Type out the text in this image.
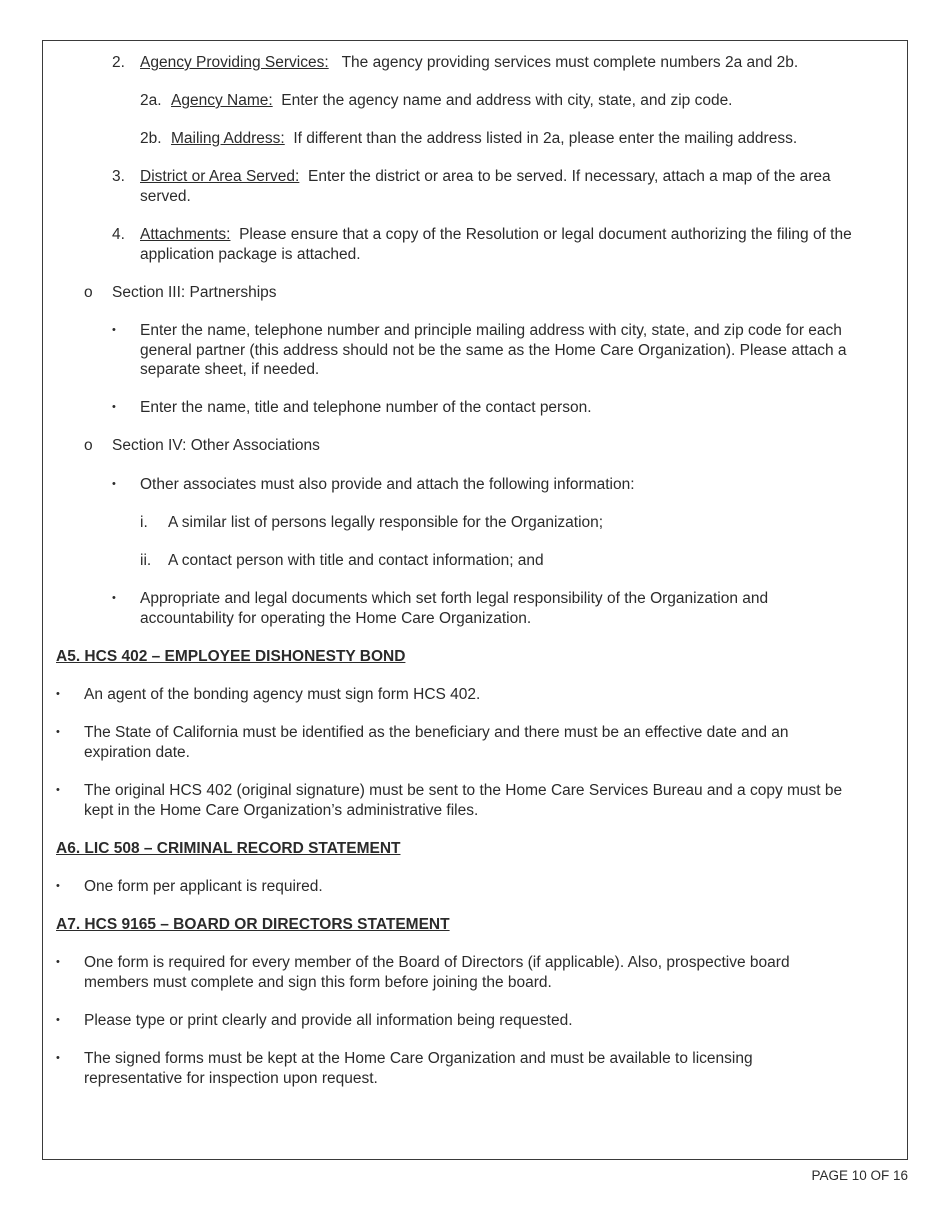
2. Agency Providing Services: The agency providing services must complete numbers 2a and 2b.
2a. Agency Name: Enter the agency name and address with city, state, and zip code.
2b. Mailing Address: If different than the address listed in 2a, please enter the mailing address.
3. District or Area Served: Enter the district or area to be served. If necessary, attach a map of the area
served.
4. Attachments: Please ensure that a copy of the Resolution or legal document authorizing the filing of the
application package is attached.
o Section III: Partnerships
• Enter the name, telephone number and principle mailing address with city, state, and zip code for each
general partner (this address should not be the same as the Home Care Organization). Please attach a
separate sheet, if needed.
• Enter the name, title and telephone number of the contact person.
o Section IV: Other Associations
• Other associates must also provide and attach the following information:
i. A similar list of persons legally responsible for the Organization;
ii. A contact person with title and contact information; and
• Appropriate and legal documents which set forth legal responsibility of the Organization and
accountability for operating the Home Care Organization.
A5. HCS 402 – EMPLOYEE DISHONESTY BOND
• An agent of the bonding agency must sign form HCS 402.
• The State of California must be identified as the beneficiary and there must be an effective date and an
expiration date.
• The original HCS 402 (original signature) must be sent to the Home Care Services Bureau and a copy must be
kept in the Home Care Organization’s administrative files.
A6. LIC 508 – CRIMINAL RECORD STATEMENT
• One form per applicant is required.
A7. HCS 9165 – BOARD OR DIRECTORS STATEMENT
• One form is required for every member of the Board of Directors (if applicable). Also, prospective board
members must complete and sign this form before joining the board.
• Please type or print clearly and provide all information being requested.
• The signed forms must be kept at the Home Care Organization and must be available to licensing
representative for inspection upon request.
PAGE 10 OF 16
